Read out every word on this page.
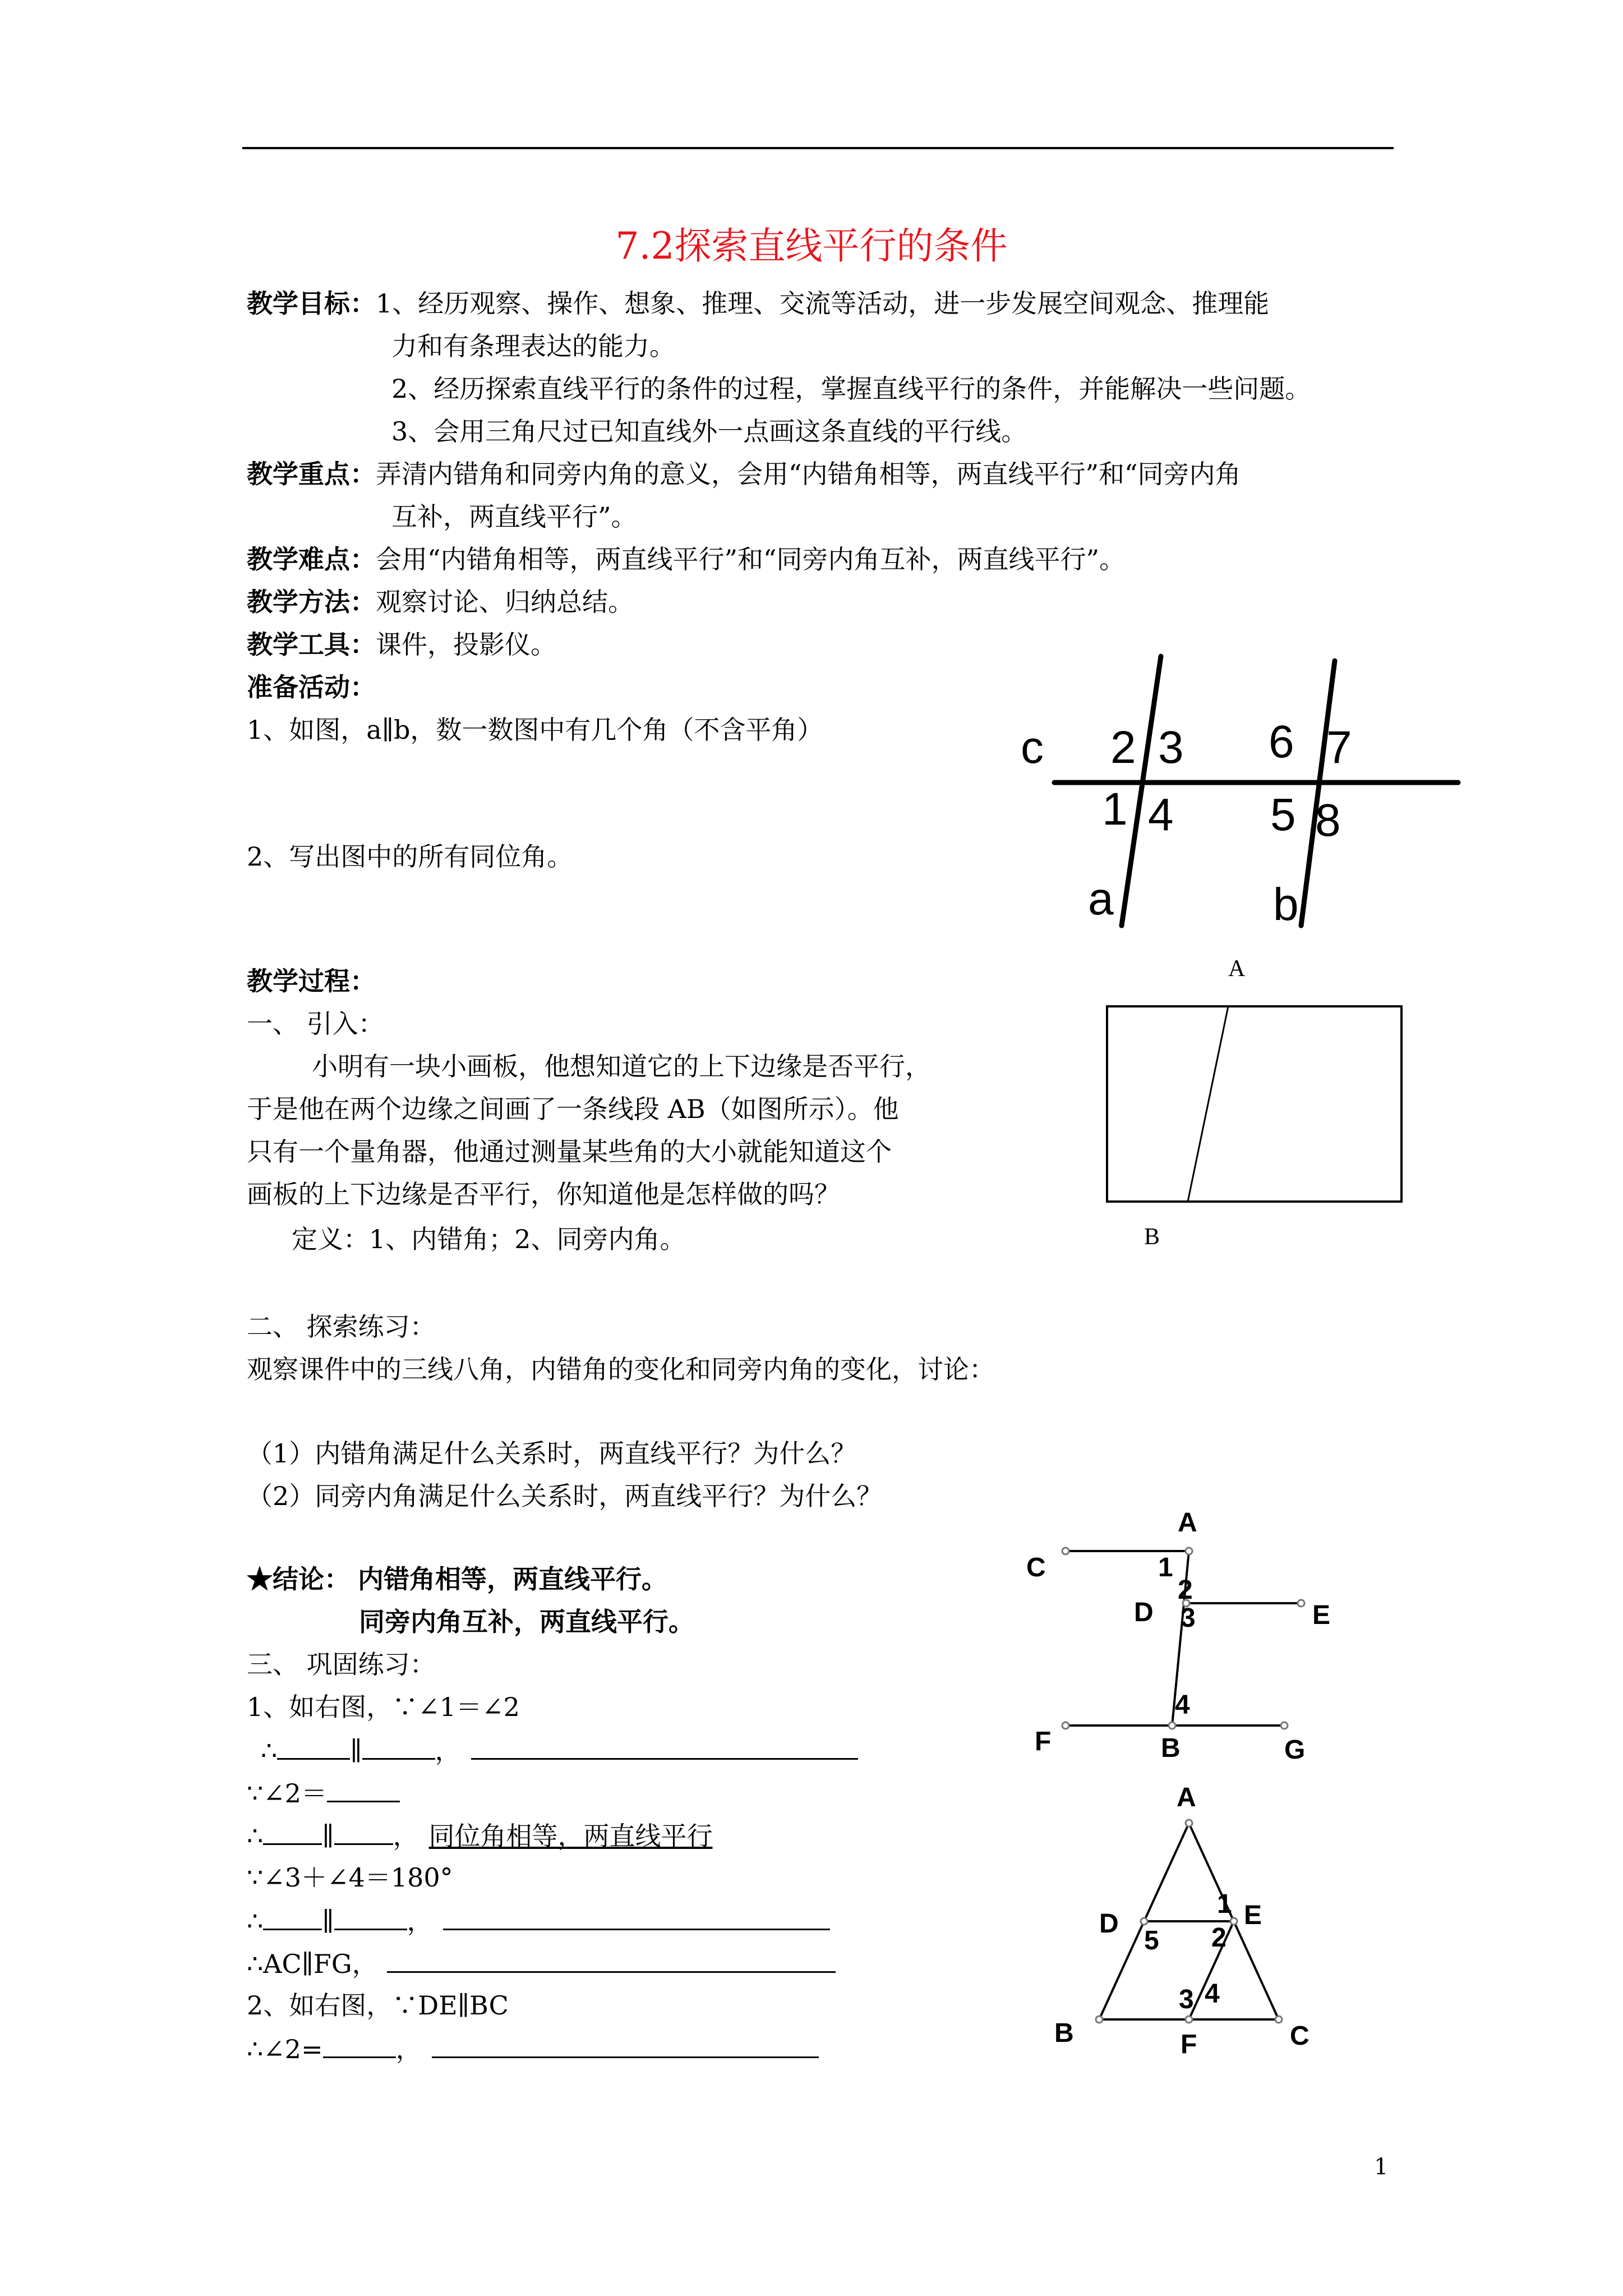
7.2探索直线平行的条件
教学目标：1、经历观察、操作、想象、推理、交流等活动，进一步发展空间观念、推理能
力和有条理表达的能力。
2、经历探索直线平行的条件的过程，掌握直线平行的条件，并能解决一些问题。
3、会用三角尺过已知直线外一点画这条直线的平行线。
教学重点：弄清内错角和同旁内角的意义，会用“内错角相等，两直线平行”和“同旁内角
互补，两直线平行”。
教学难点：会用“内错角相等，两直线平行”和“同旁内角互补，两直线平行”。
教学方法：观察讨论、归纳总结。
教学工具：课件，投影仪。
准备活动：
1、如图，a∥b，数一数图中有几个角（不含平角）
2、写出图中的所有同位角。
c 2 3 6 7
1 4 5 8
a	b
教学过程：
一、 引入：
小明有一块小画板，他想知道它的上下边缘是否平行，
于是他在两个边缘之间画了一条线段 AB（如图所示）。他
只有一个量角器，他通过测量某些角的大小就能知道这个
画板的上下边缘是否平行，你知道他是怎样做的吗？
定义：1、内错角；2、同旁内角。
A
B
二、 探索练习：
观察课件中的三线八角，内错角的变化和同旁内角的变化，讨论：
（1）内错角满足什么关系时，两直线平行？为什么？
（2）同旁内角满足什么关系时，两直线平行？为什么？
★结论： 内错角相等，两直线平行。
同旁内角互补，两直线平行。
三、 巩固练习：
1、如右图，∵∠1＝∠2
∴	∥	，
∵∠2＝
∴ ∥ ， 同位角相等，两直线平行
∵∠3＋∠4＝180°
∴ ∥	，
∴AC∥FG，
2、如右图，∵DE∥BC
∴∠2=	，
A
C	1
2
D 3	E
4
F	B	G
A
1
D	E
5 2
3 4
B	F	C
1
